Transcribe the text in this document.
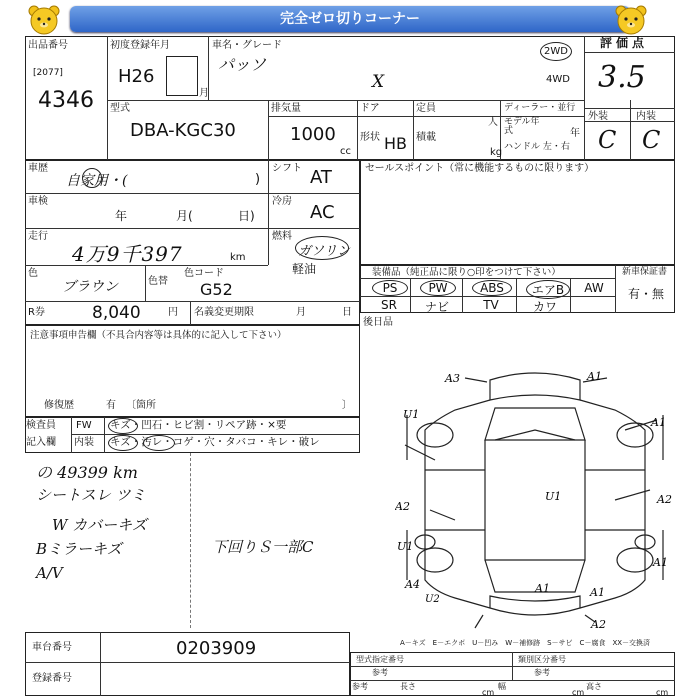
完全ゼロ切りコーナー
出品番号
[2077]
4346
初度登録年月
H26
月
車名・グレード
パッソ
X
2WD
4WD
評価点
3.5
型式
DBA-KGC30
排気量
1000
cc
ドア
形状 HB
定員
人
積載
kg
ディーラー・並行
モデル年式	年
ハンドル 左・右
外装	内装
C C
車歴
自家用・(	)
シフト AT
車検
年	月(	日)
冷房
AC
走行
4万9千397	km
燃料
ガソリン
軽油
色
ブラウン	色替
色コード
G52
R券	8,040	円 名義変更期限	月	日
セールスポイント（常に機能するものに限ります）
装備品（純正品に限り○印をつけて下さい）	新車保証書
有・無
PS	PW	ABS	エアB	AW
SR	ナビ	TV	カワ
後日品
注意事項申告欄（不具合内容等は具体的に記入して下さい）
修復歴	有 〔箇所	〕
検査員
記入欄
FW
内装
キズ・凹石・ヒビ割・リペア跡・×要
キズ・汚レ・コゲ・穴・タバコ・キレ・破レ
の 49399 km
シートスレ ツミ
W カバーキズ
Bミラーキズ
A/V
下回りＳ一部C
A3	A1
U1
A1
A2
U1	A2
U1
A1
A4
U2
A1	A1
A2
A－キズ　E－エクボ　U－凹み　W－補修跡　S－サビ　C－腐食　XX－交換済
車台番号	0203909
登録番号
型式指定番号
参考
類別区分番号
参考
参考	長さ
cm
幅
cm
高さ
cm
